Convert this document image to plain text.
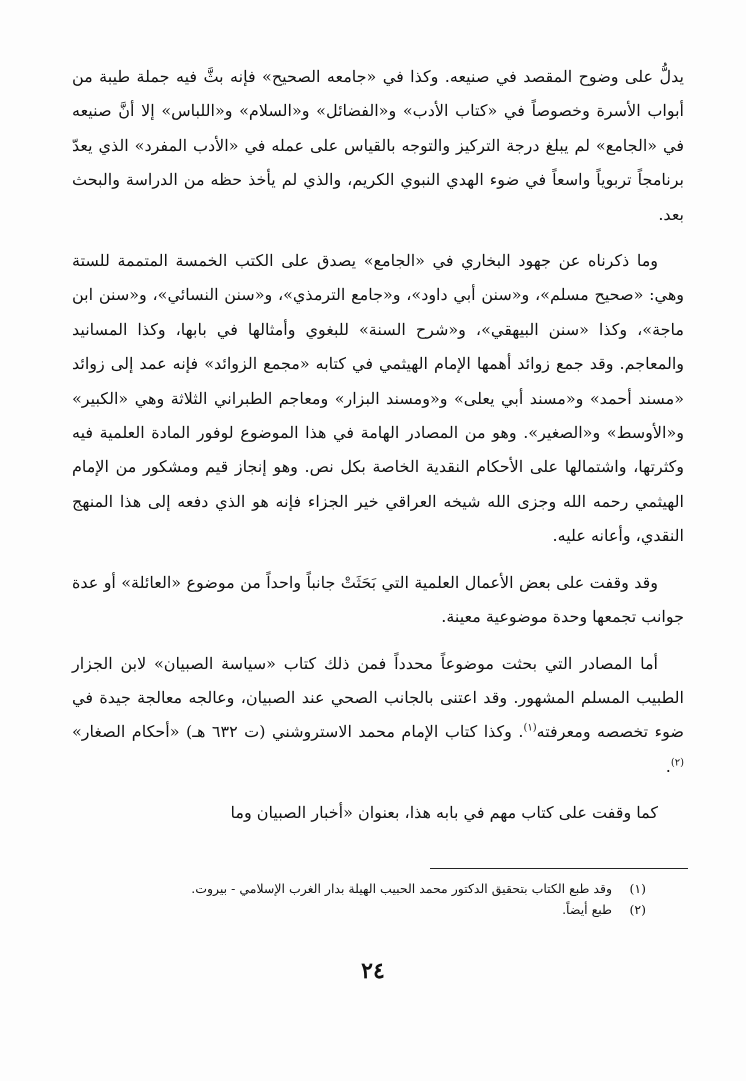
يدلُّ على وضوح المقصد في صنيعه. وكذا في «جامعه الصحيح» فإنه بثَّ فيه جملة طيبة من أبواب الأسرة وخصوصاً في «كتاب الأدب» و«الفضائل» و«السلام» و«اللباس» إلا أنَّ صنيعه في «الجامع» لم يبلغ درجة التركيز والتوجه بالقياس على عمله في «الأدب المفرد» الذي يعدّ برنامجاً تربوياً واسعاً في ضوء الهدي النبوي الكريم، والذي لم يأخذ حظه من الدراسة والبحث بعد.

وما ذكرناه عن جهود البخاري في «الجامع» يصدق على الكتب الخمسة المتممة للستة وهي: «صحيح مسلم»، و«سنن أبي داود»، و«جامع الترمذي»، و«سنن النسائي»، و«سنن ابن ماجة»، وكذا «سنن البيهقي»، و«شرح السنة» للبغوي وأمثالها في بابها، وكذا المسانيد والمعاجم. وقد جمع زوائد أهمها الإمام الهيثمي في كتابه «مجمع الزوائد» فإنه عمد إلى زوائد «مسند أحمد» و«مسند أبي يعلى» و«ومسند البزار» ومعاجم الطبراني الثلاثة وهي «الكبير» و«الأوسط» و«الصغير». وهو من المصادر الهامة في هذا الموضوع لوفور المادة العلمية فيه وكثرتها، واشتمالها على الأحكام النقدية الخاصة بكل نص. وهو إنجاز قيم ومشكور من الإمام الهيثمي رحمه الله وجزى الله شيخه العراقي خير الجزاء فإنه هو الذي دفعه إلى هذا المنهج النقدي، وأعانه عليه.

وقد وقفت على بعض الأعمال العلمية التي بَحَثَتْ جانباً واحداً من موضوع «العائلة» أو عدة جوانب تجمعها وحدة موضوعية معينة.

أما المصادر التي بحثت موضوعاً محدداً فمن ذلك كتاب «سياسة الصبيان» لابن الجزار الطبيب المسلم المشهور. وقد اعتنى بالجانب الصحي عند الصبيان، وعالجه معالجة جيدة في ضوء تخصصه ومعرفته$^{(١)}$. وكذا كتاب الإمام محمد الاستروشني (ت ٦٣٢ هـ) «أحكام الصغار» $^{(٢)}$.

كما وقفت على كتاب مهم في بابه هذا، بعنوان «أخبار الصبيان وما

(١)
وقد طبع الكتاب بتحقيق الدكتور محمد الحبيب الهيلة بدار الغرب الإسلامي - بيروت.
(٢)
طبع أيضاً.
٢٤
